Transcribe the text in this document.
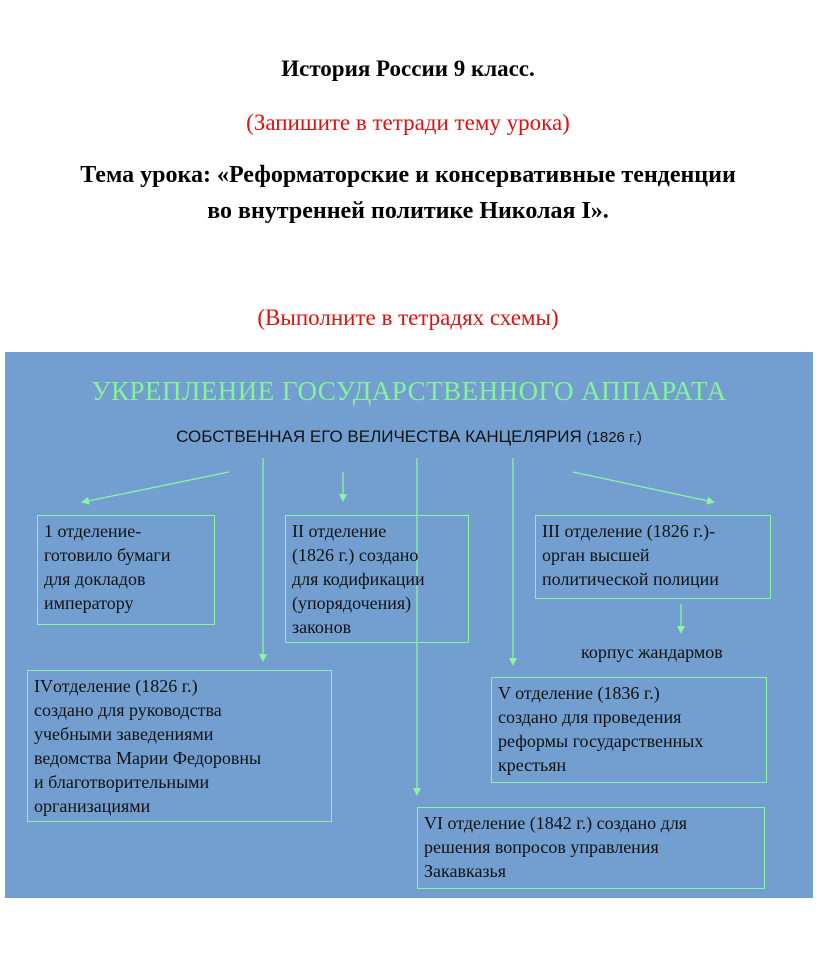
История России 9 класс.
(Запишите в тетради тему урока)
Тема урока: «Реформаторские и консервативные тенденции
во внутренней политике Николая I».
(Выполните в тетрадях схемы)
УКРЕПЛЕНИЕ ГОСУДАРСТВЕННОГО АППАРАТА
СОБСТВЕННАЯ ЕГО ВЕЛИЧЕСТВА КАНЦЕЛЯРИЯ (1826 г.)
1 отделение-
готовило бумаги
для докладов
императору
II отделение
(1826 г.) создано
для кодификации
(упорядочения)
законов
III отделение (1826 г.)-
орган высшей
политической полиции
корпус жандармов
IVотделение (1826 г.)
создано для руководства
учебными заведениями
ведомства Марии Федоровны
и благотворительными
организациями
V отделение (1836 г.)
создано для проведения
реформы государственных
крестьян
VI отделение (1842 г.) создано для
решения вопросов управления
Закавказья
